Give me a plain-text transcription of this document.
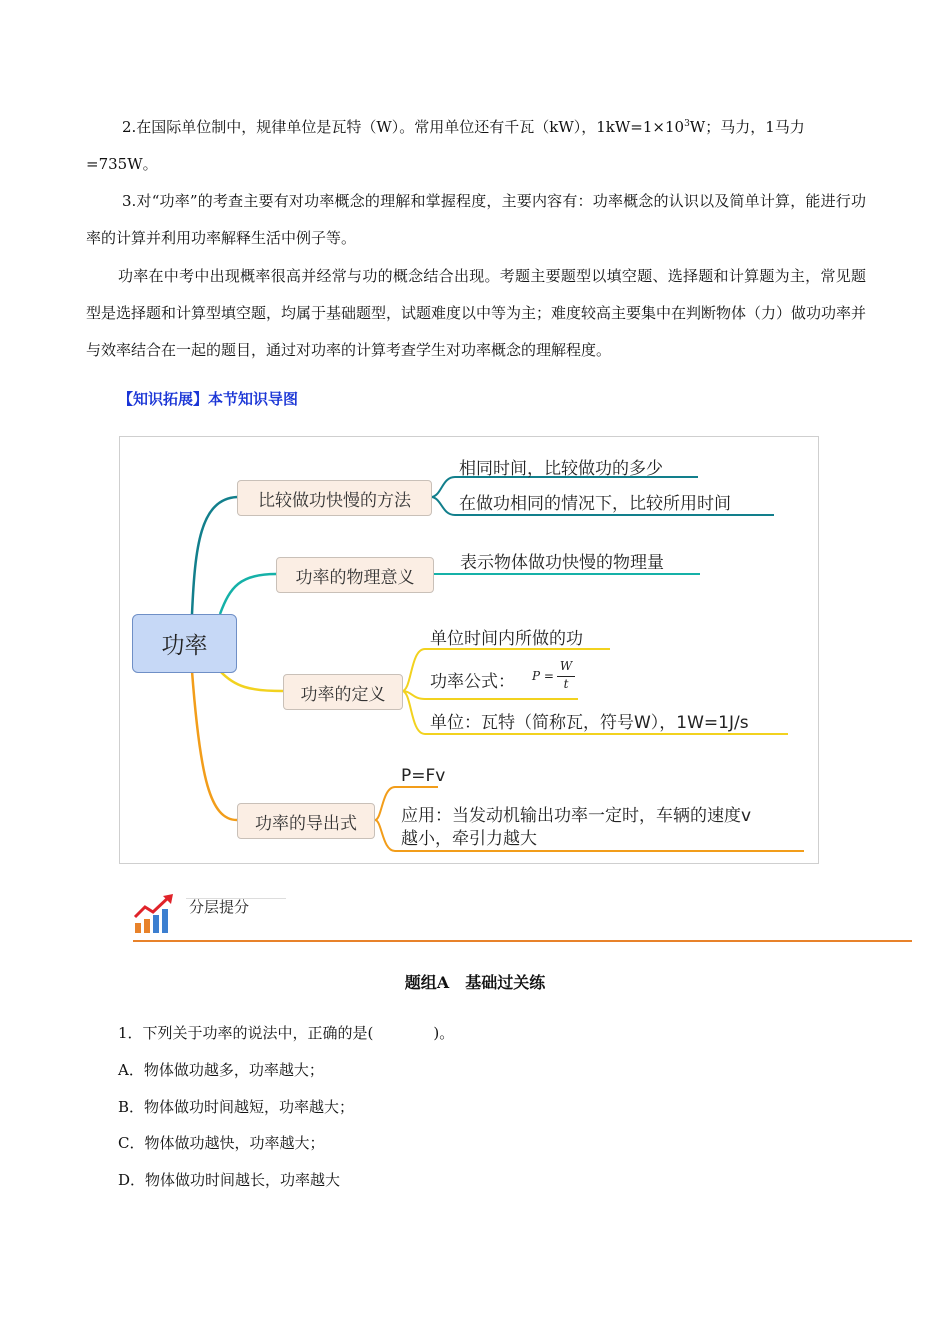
2.在国际单位制中，规律单位是瓦特（W）。常用单位还有千瓦（kW），$1kW=1\times 10^3W$；马力，1马力
=735W。

3.对“功率”的考查主要有对功率概念的理解和掌握程度，主要内容有：功率概念的认识以及简单计算，能进行功率的计算并利用功率解释生活中例子等。

功率在中考中出现概率很高并经常与功的概念结合出现。考题主要题型以填空题、选择题和计算题为主，常见题型是选择题和计算型填空题，均属于基础题型，试题难度以中等为主；难度较高主要集中在判断物体（力）做功功率并与效率结合在一起的题目，通过对功率的计算考查学生对功率概念的理解程度。

【知识拓展】本节知识导图
功率
比较做功快慢的方法
功率的物理意义
功率的定义
功率的导出式
相同时间，比较做功的多少
在做功相同的情况下，比较所用时间
表示物体做功快慢的物理量
单位时间内所做的功
功率公式： P =
W
t
单位：瓦特（简称瓦，符号W），1W=1J/s
P=Fv
应用：当发动机输出功率一定时，车辆的速度v
越小，牵引力越大
分层提分
题组A　基础过关练
1．下列关于功率的说法中，正确的是(　　　　)。
A．物体做功越多，功率越大；
B．物体做功时间越短，功率越大；
C．物体做功越快，功率越大；
D．物体做功时间越长，功率越大
